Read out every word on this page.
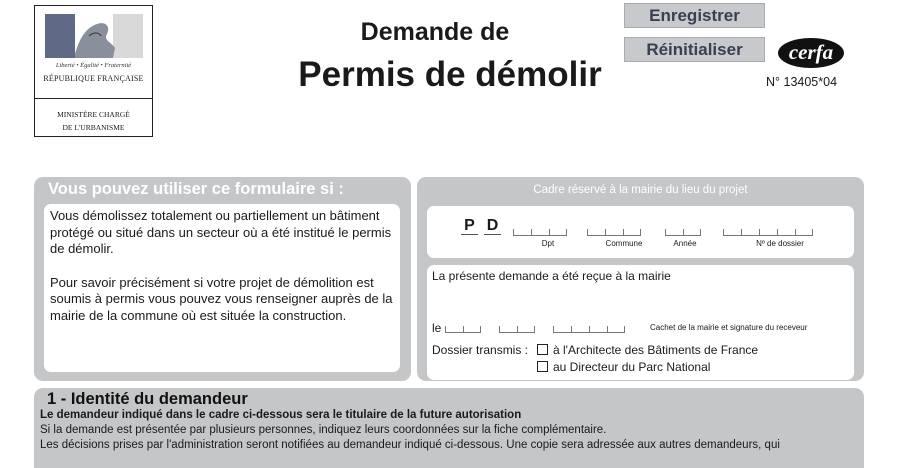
Liberté • Égalité • Fraternité
RÉPUBLIQUE FRANÇAISE
MINISTÈRE CHARGÉ
DE L'URBANISME
Demande de
Permis de démolir
Enregistrer
Réinitialiser	cerfa
N° 13405*04
Vous pouvez utiliser ce formulaire si :

Vous démolissez totalement ou partiellement un bâtiment protégé ou situé dans un secteur où a été institué le permis de démolir.

Pour savoir précisément si votre projet de démolition est soumis à permis vous pouvez vous renseigner auprès de la mairie de la commune où est située la construction.

Cadre réservé à la mairie du lieu du projet
P D
Dpt	Commune	Année	Nº de dossier
La présente demande a été reçue à la mairie
le	Cachet de la mairie et signature du receveur
Dossier transmis : à l'Architecte des Bâtiments de France
au Directeur du Parc National
1 - Identité du demandeur
Le demandeur indiqué dans le cadre ci-dessous sera le titulaire de la future autorisation
Si la demande est présentée par plusieurs personnes, indiquez leurs coordonnées sur la fiche complémentaire.
Les décisions prises par l'administration seront notifiées au demandeur indiqué ci-dessous. Une copie sera adressée aux autres demandeurs, qui
